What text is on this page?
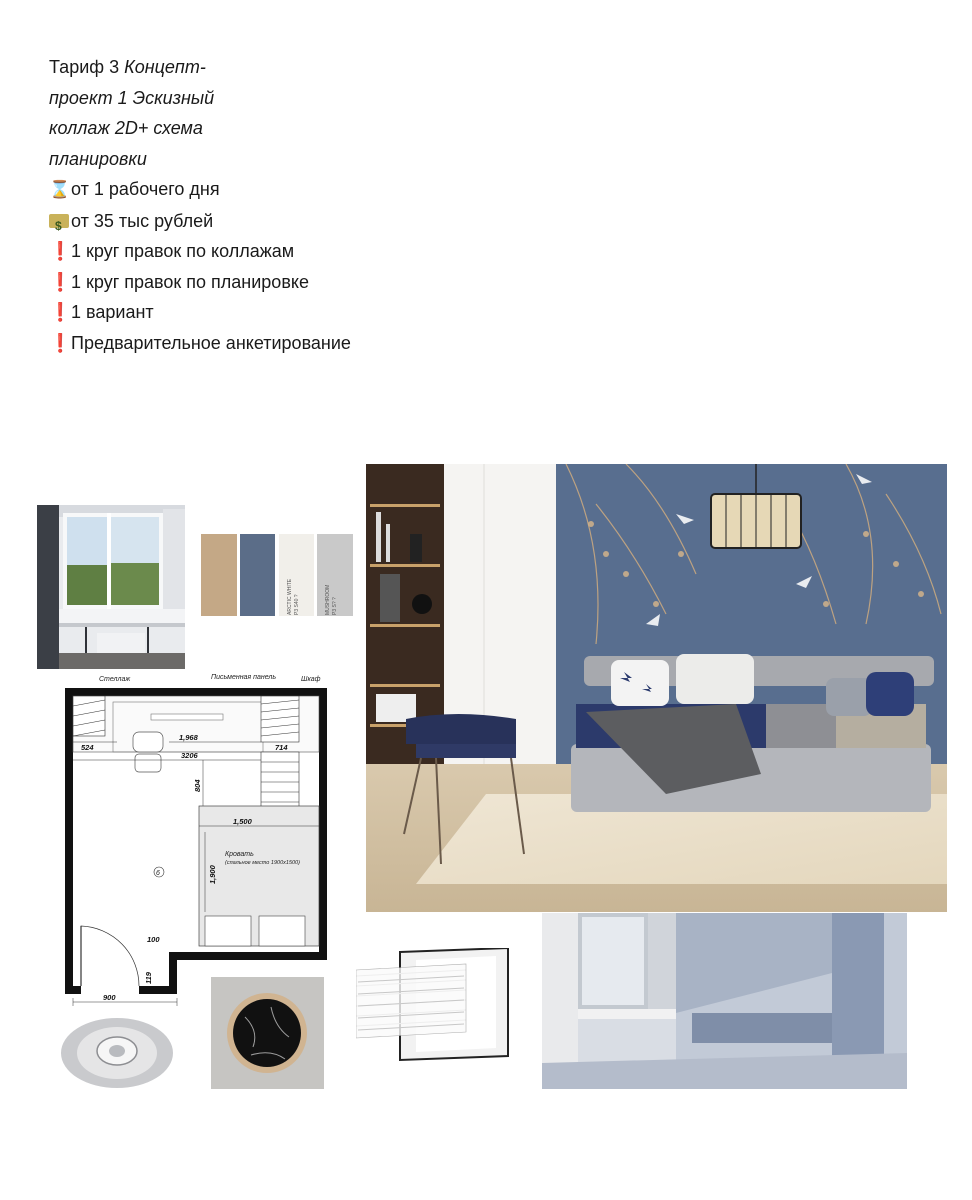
Тариф 3 Концепт-
проект 1 Эскизный
коллаж 2D+ схема
планировки
⌛от 1 рабочего дня
$от 35 тыс рублей
❗1 круг правок по коллажам
❗1 круг правок по планировке
❗1 вариант
❗Предварительное анкетирование
ARCTIC WHITE P3 S40 ?	MUSHROOM P3 S? ?
Стеллаж	Письменная панель	Шкаф
1,968
524	714
3206
804
1,500
1,900
Кровать
(спальное место 1900х1500)
6
100
119
900
